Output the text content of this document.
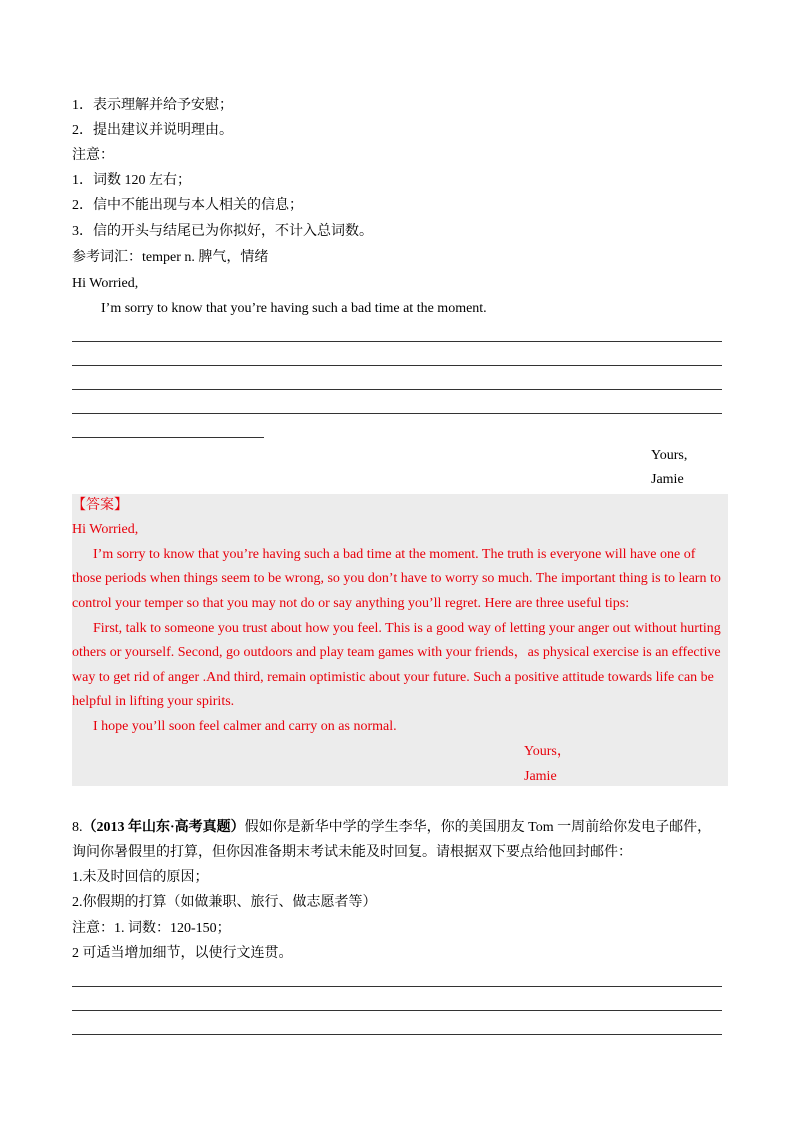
1．表示理解并给予安慰；
2．提出建议并说明理由。
注意：
1．词数 120 左右；
2．信中不能出现与本人相关的信息；
3．信的开头与结尾已为你拟好，不计入总词数。
参考词汇：temper n. 脾气，情绪
Hi Worried,
I’m sorry to know that you’re having such a bad time at the moment.
Yours,
Jamie
【答案】
Hi Worried,
I’m sorry to know that you’re having such a bad time at the moment. The truth is everyone will have one of
those periods when things seem to be wrong, so you don’t have to worry so much. The important thing is to learn to
control your temper so that you may not do or say anything you’ll regret. Here are three useful tips:
First, talk to someone you trust about how you feel. This is a good way of letting your anger out without hurting
others or yourself. Second, go outdoors and play team games with your friends，as physical exercise is an effective
way to get rid of anger .And third, remain optimistic about your future. Such a positive attitude towards life can be
helpful in lifting your spirits.
I hope you’ll soon feel calmer and carry on as normal.
Yours，
Jamie
8.（2013 年山东·高考真题）假如你是新华中学的学生李华，你的美国朋友 Tom 一周前给你发电子邮件，
询问你暑假里的打算，但你因准备期末考试未能及时回复。请根据双下要点给他回封邮件：
1.未及时回信的原因；
2.你假期的打算（如做兼职、旅行、做志愿者等）
注意：1. 词数：120-150；
2 可适当增加细节，以使行文连贯。
